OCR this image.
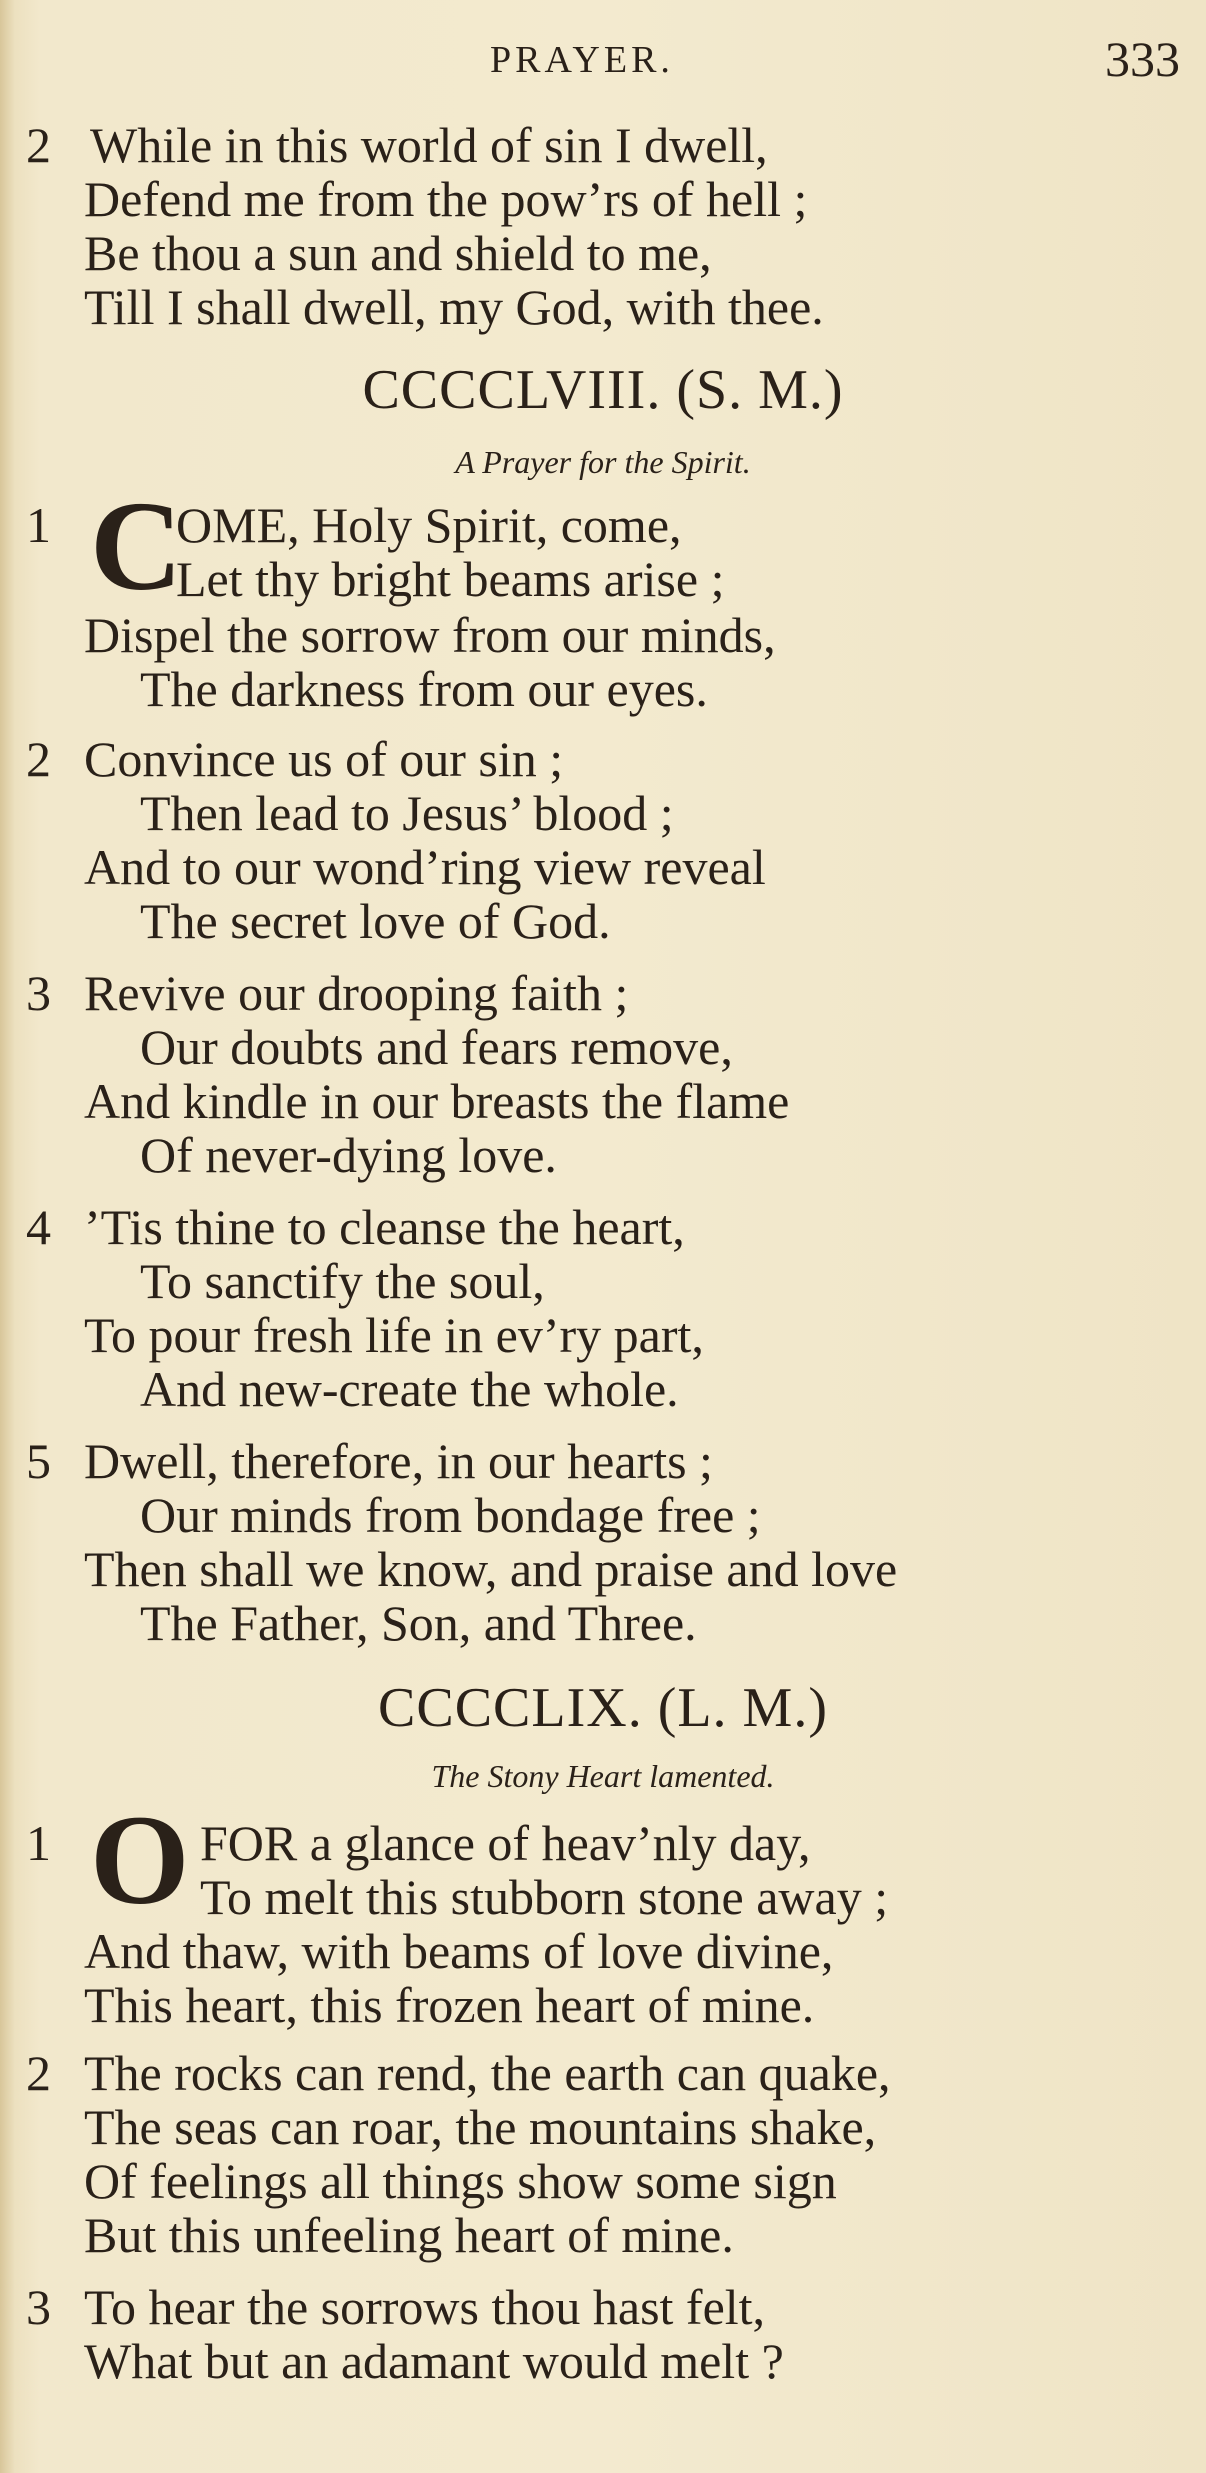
PRAYER.	333
2 While in this world of sin I dwell,
Defend me from the pow’rs of hell ;
Be thou a sun and shield to me,
Till I shall dwell, my God, with thee.
CCCCLVIII. (S. M.)
A Prayer for the Spirit.
1 C
OME, Holy Spirit, come,
Let thy bright beams arise ;
Dispel the sorrow from our minds,
The darkness from our eyes.
2 Convince us of our sin ;
Then lead to Jesus’ blood ;
And to our wond’ring view reveal
The secret love of God.
3 Revive our drooping faith ;
Our doubts and fears remove,
And kindle in our breasts the flame
Of never-dying love.
4 ’Tis thine to cleanse the heart,
To sanctify the soul,
To pour fresh life in ev’ry part,
And new-create the whole.
5 Dwell, therefore, in our hearts ;
Our minds from bondage free ;
Then shall we know, and praise and love
The Father, Son, and Three.
CCCCLIX. (L. M.)
The Stony Heart lamented.
1 O FOR a glance of heav’nly day,
To melt this stubborn stone away ;
And thaw, with beams of love divine,
This heart, this frozen heart of mine.
2 The rocks can rend, the earth can quake,
The seas can roar, the mountains shake,
Of feelings all things show some sign
But this unfeeling heart of mine.
3 To hear the sorrows thou hast felt,
What but an adamant would melt ?
